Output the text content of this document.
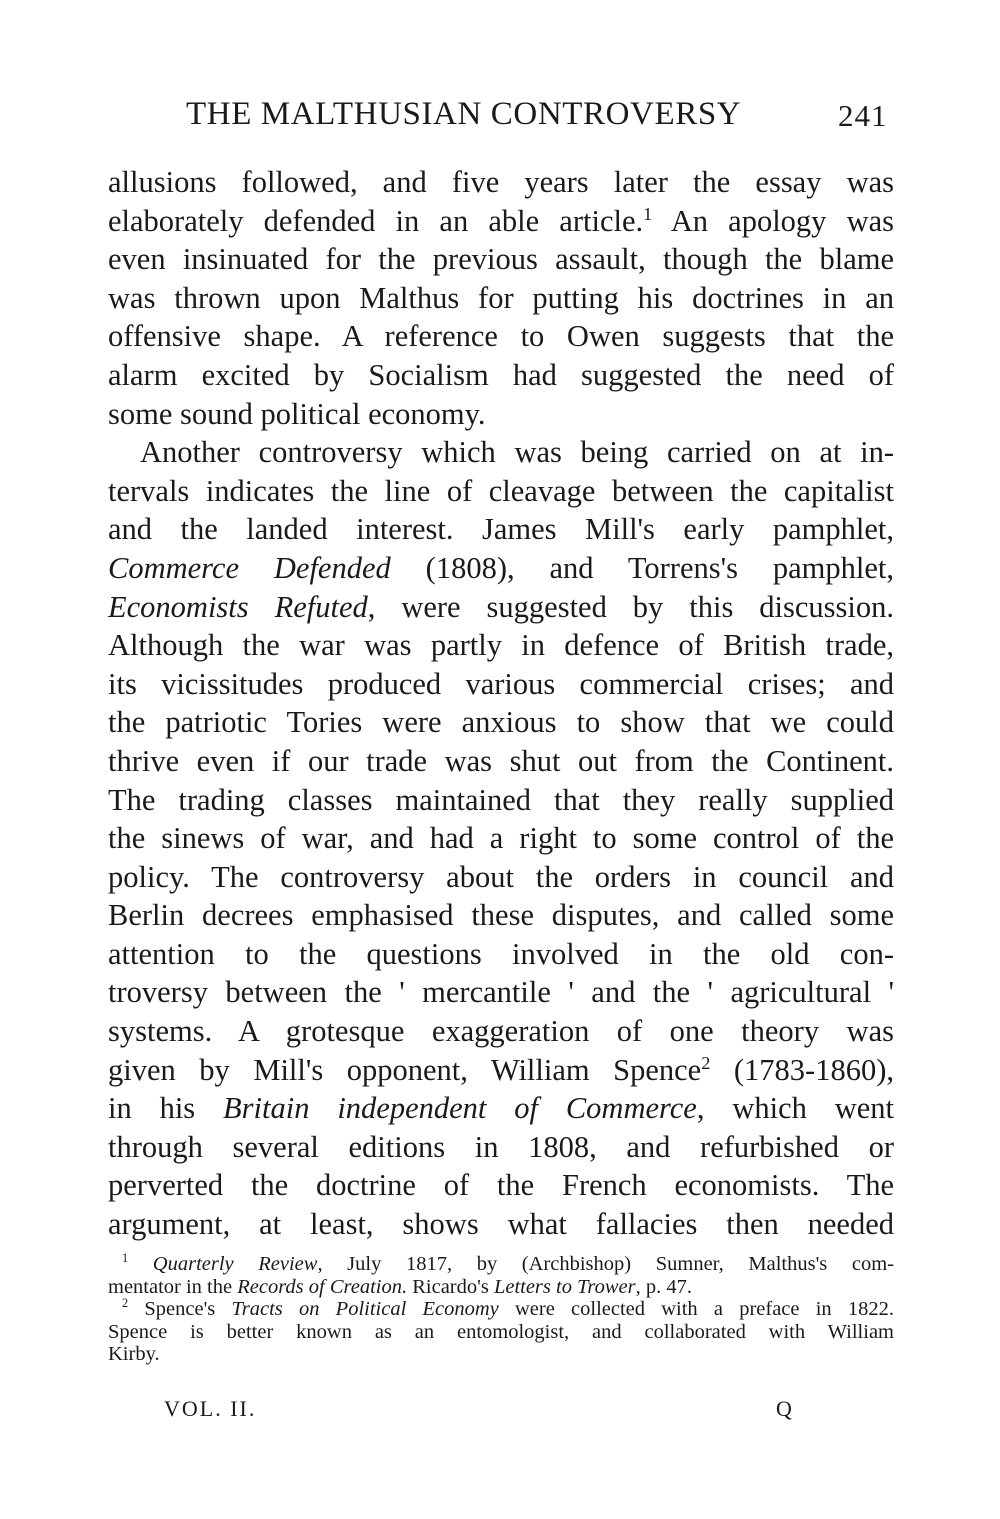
THE MALTHUSIAN CONTROVERSY	241
allusions followed, and five years later the essay was
elaborately defended in an able article.$^1$ An apology was
even insinuated for the previous assault, though the blame
was thrown upon Malthus for putting his doctrines in an
offensive shape. A reference to Owen suggests that the
alarm excited by Socialism had suggested the need of
some sound political economy.
Another controversy which was being carried on at in-
tervals indicates the line of cleavage between the capitalist
and the landed interest. James Mill's early pamphlet,
Commerce Defended (1808), and Torrens's pamphlet,
Economists Refuted, were suggested by this discussion.
Although the war was partly in defence of British trade,
its vicissitudes produced various commercial crises; and
the patriotic Tories were anxious to show that we could
thrive even if our trade was shut out from the Continent.
The trading classes maintained that they really supplied
the sinews of war, and had a right to some control of the
policy. The controversy about the orders in council and
Berlin decrees emphasised these disputes, and called some
attention to the questions involved in the old con-
troversy between the ' mercantile ' and the ' agricultural '
systems. A grotesque exaggeration of one theory was
given by Mill's opponent, William Spence$^2$ (1783-1860),
in his Britain independent of Commerce, which went
through several editions in 1808, and refurbished or
perverted the doctrine of the French economists. The
argument, at least, shows what fallacies then needed
$^1$ Quarterly Review, July 1817, by (Archbishop) Sumner, Malthus's com-
mentator in the Records of Creation. Ricardo's Letters to Trower, p. 47.
$^2$ Spence's Tracts on Political Economy were collected with a preface in 1822.
Spence is better known as an entomologist, and collaborated with William
Kirby.
VOL. II.	Q
